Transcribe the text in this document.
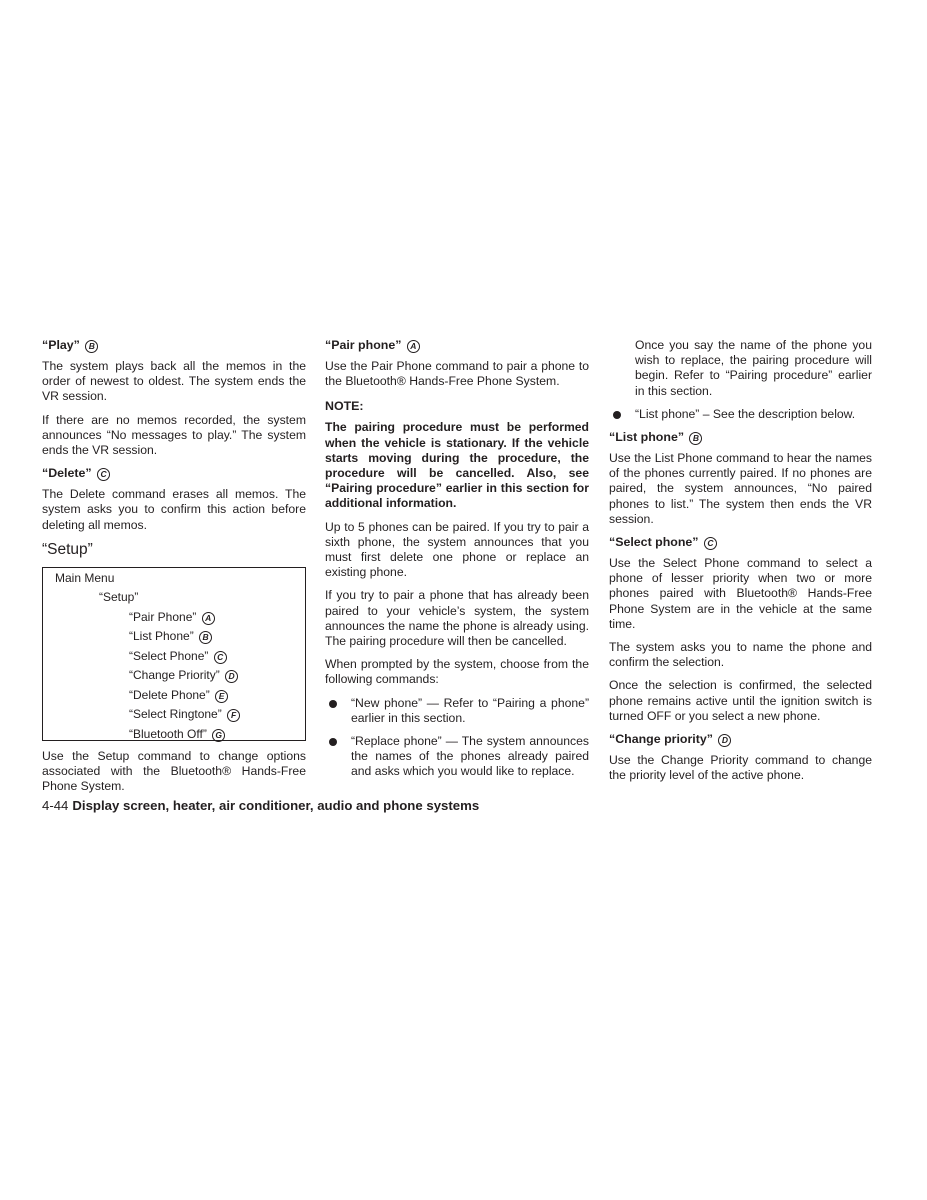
“Play” B
The system plays back all the memos in the order of newest to oldest. The system ends the VR session.
If there are no memos recorded, the system announces “No messages to play.” The system ends the VR session.
“Delete” C
The Delete command erases all memos. The system asks you to confirm this action before deleting all memos.
“Setup”
Main Menu
“Setup”
“Pair Phone” A
“List Phone” B
“Select Phone” C
“Change Priority” D
“Delete Phone” E
“Select Ringtone” F
“Bluetooth Off” G
Use the Setup command to change options associated with the Bluetooth® Hands-Free Phone System.
“Pair phone” A
Use the Pair Phone command to pair a phone to the Bluetooth® Hands-Free Phone System.
NOTE:
The pairing procedure must be performed when the vehicle is stationary. If the vehicle starts moving during the procedure, the procedure will be cancelled. Also, see “Pairing procedure” earlier in this section for additional information.
Up to 5 phones can be paired. If you try to pair a sixth phone, the system announces that you must first delete one phone or replace an existing phone.
If you try to pair a phone that has already been paired to your vehicle’s system, the system announces the name the phone is already using. The pairing procedure will then be cancelled.
When prompted by the system, choose from the following commands:
“New phone” — Refer to “Pairing a phone” earlier in this section.
“Replace phone” — The system announces the names of the phones already paired and asks which you would like to replace.
Once you say the name of the phone you wish to replace, the pairing procedure will begin. Refer to “Pairing procedure” earlier in this section.
“List phone” – See the description below.
“List phone” B
Use the List Phone command to hear the names of the phones currently paired. If no phones are paired, the system announces, “No paired phones to list.” The system then ends the VR session.
“Select phone” C
Use the Select Phone command to select a phone of lesser priority when two or more phones paired with Bluetooth® Hands-Free Phone System are in the vehicle at the same time.
The system asks you to name the phone and confirm the selection.
Once the selection is confirmed, the selected phone remains active until the ignition switch is turned OFF or you select a new phone.
“Change priority” D
Use the Change Priority command to change the priority level of the active phone.
4-44 Display screen, heater, air conditioner, audio and phone systems
